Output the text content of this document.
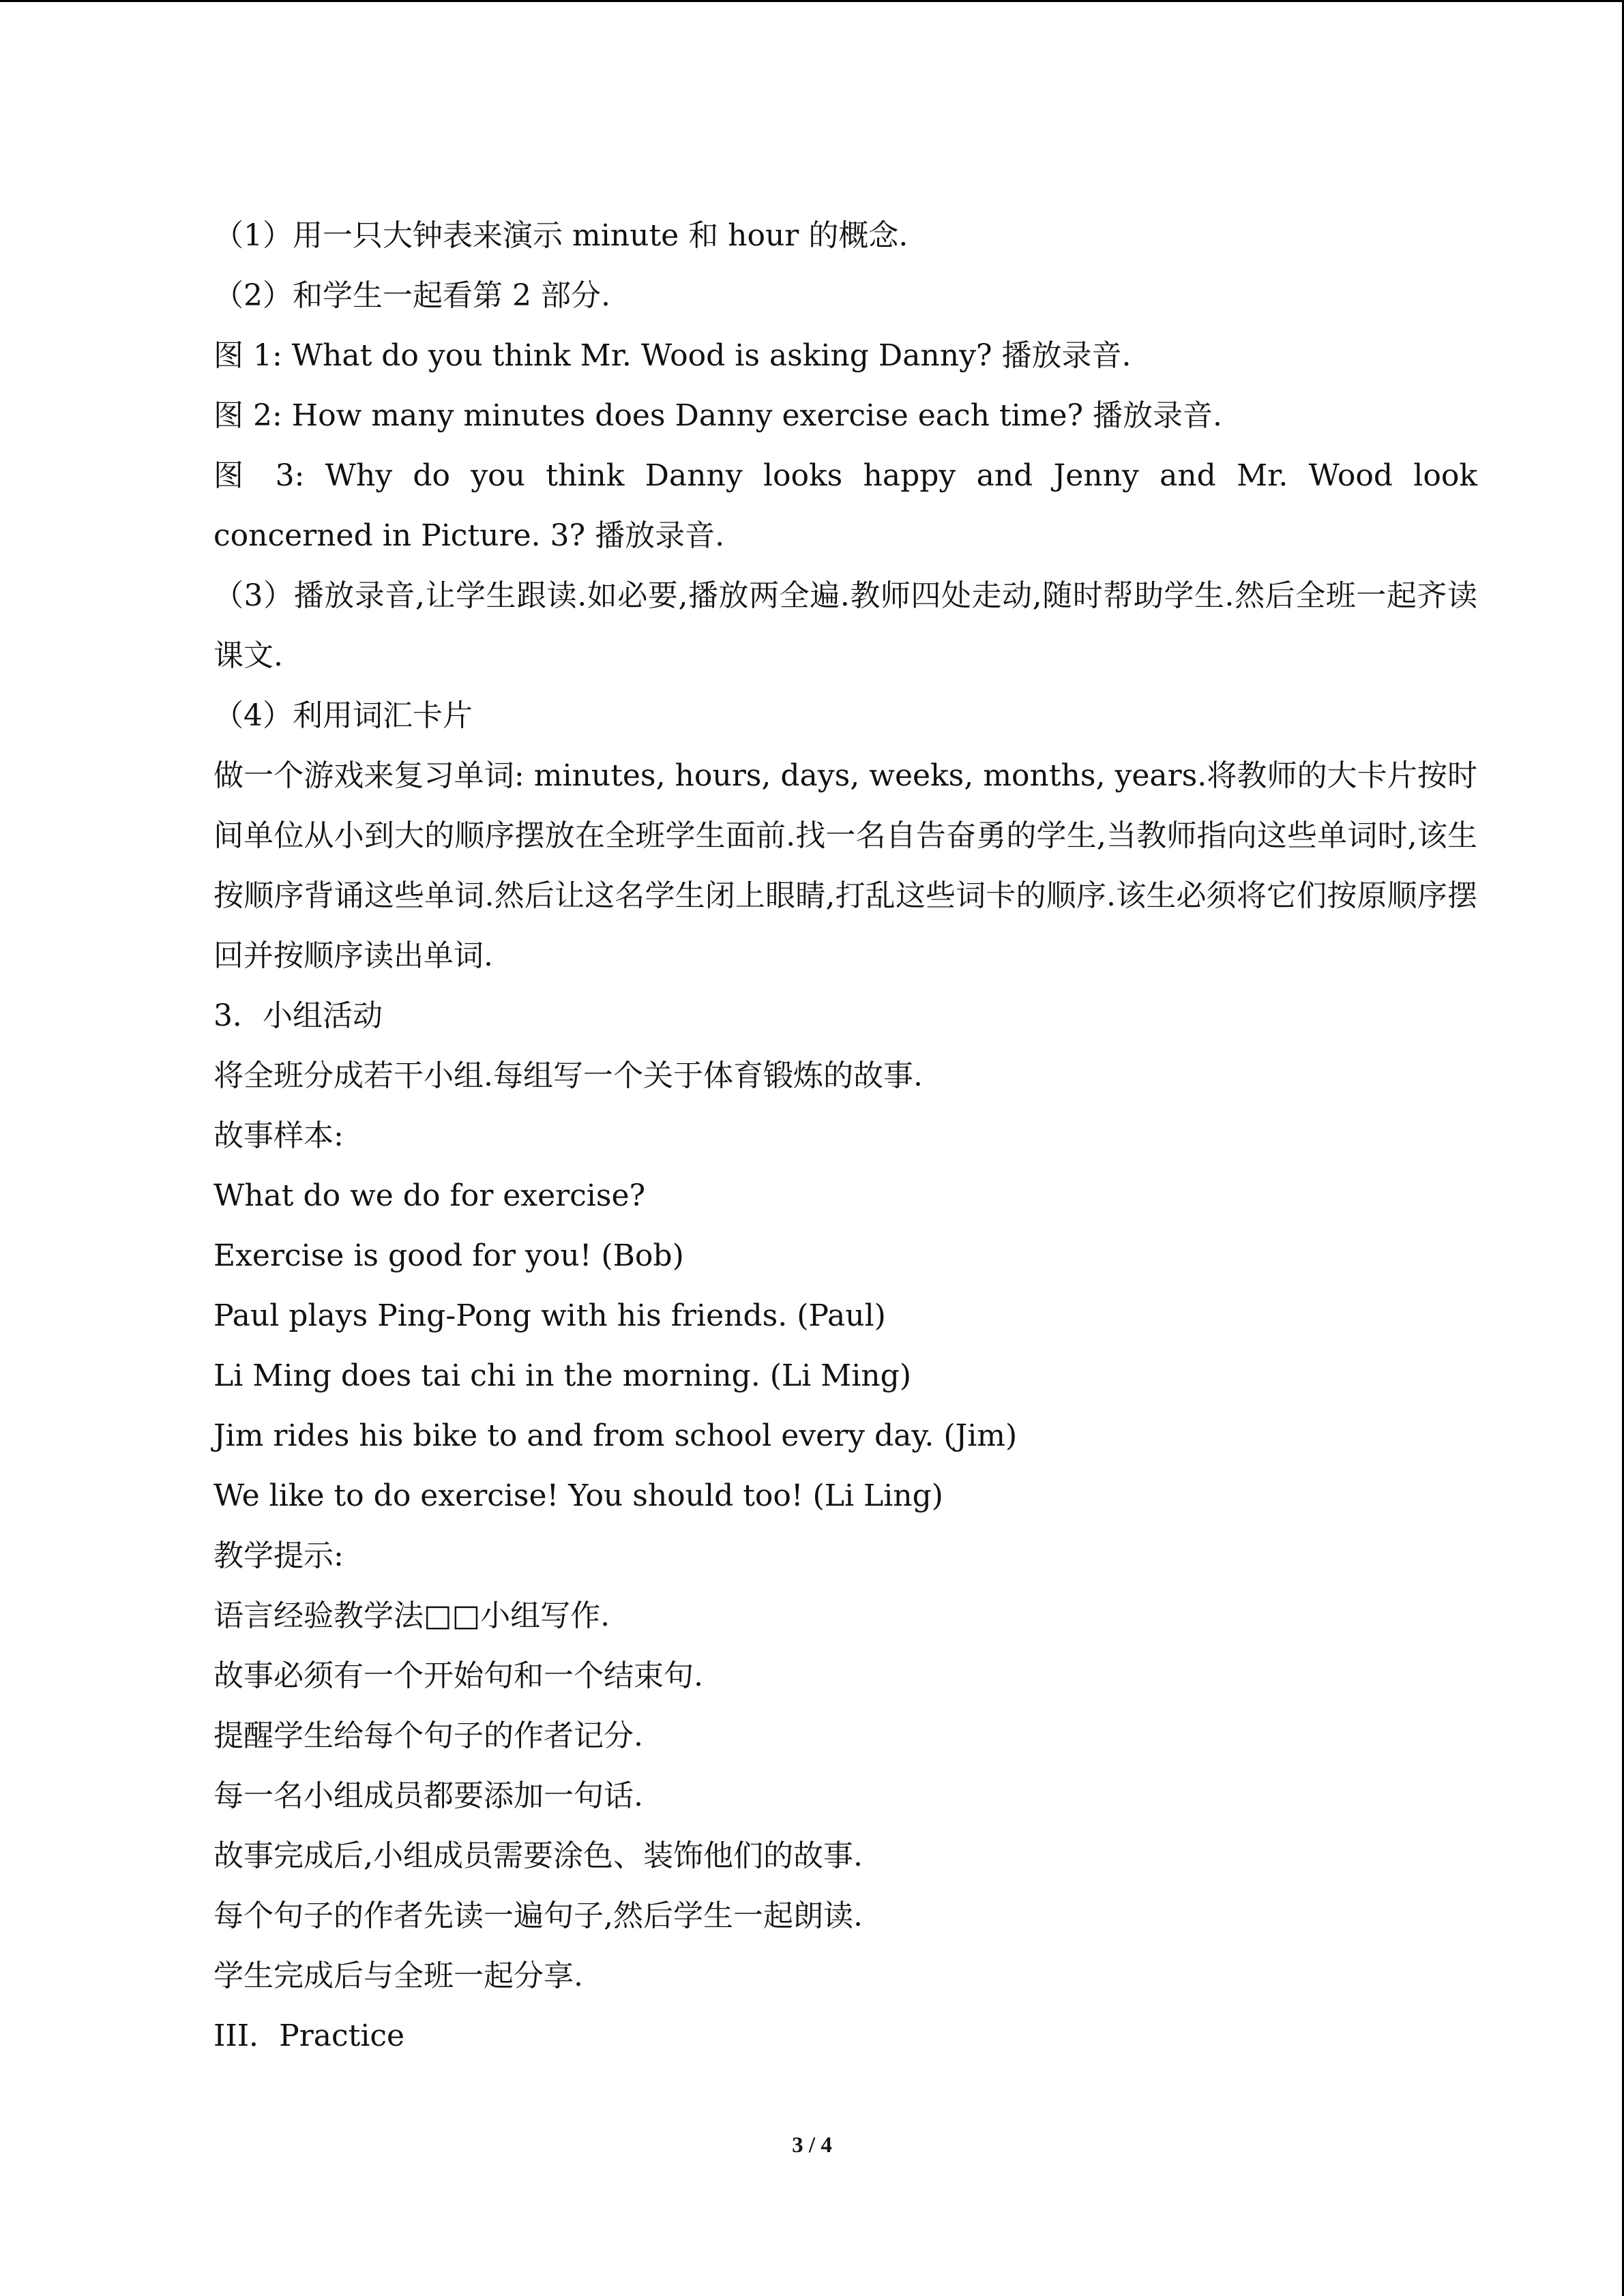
（1）用一只大钟表来演示 minute 和 hour 的概念.

（2）和学生一起看第 2 部分.

图 1: What do you think Mr. Wood is asking Danny? 播放录音.

图 2: How many minutes does Danny exercise each time? 播放录音.

图 3: Why do you think Danny looks happy and Jenny and Mr. Wood look concerned in Picture. 3? 播放录音.

（3）播放录音,让学生跟读.如必要,播放两全遍.教师四处走动,随时帮助学生.然后全班一起齐读课文.

（4）利用词汇卡片

做一个游戏来复习单词: minutes, hours, days, weeks, months, years.将教师的大卡片按时间单位从小到大的顺序摆放在全班学生面前.找一名自告奋勇的学生,当教师指向这些单词时,该生按顺序背诵这些单词.然后让这名学生闭上眼睛,打乱这些词卡的顺序.该生必须将它们按原顺序摆回并按顺序读出单词.

3．小组活动

将全班分成若干小组.每组写一个关于体育锻炼的故事.

故事样本:

What do we do for exercise?

Exercise is good for you! (Bob)

Paul plays Ping-Pong with his friends. (Paul)

Li Ming does tai chi in the morning. (Li Ming)

Jim rides his bike to and from school every day. (Jim)

We like to do exercise! You should too! (Li Ling)

教学提示:

语言经验教学法□□小组写作.

故事必须有一个开始句和一个结束句.

提醒学生给每个句子的作者记分.

每一名小组成员都要添加一句话.

故事完成后,小组成员需要涂色、装饰他们的故事.

每个句子的作者先读一遍句子,然后学生一起朗读.

学生完成后与全班一起分享.

III．Practice

3 / 4
